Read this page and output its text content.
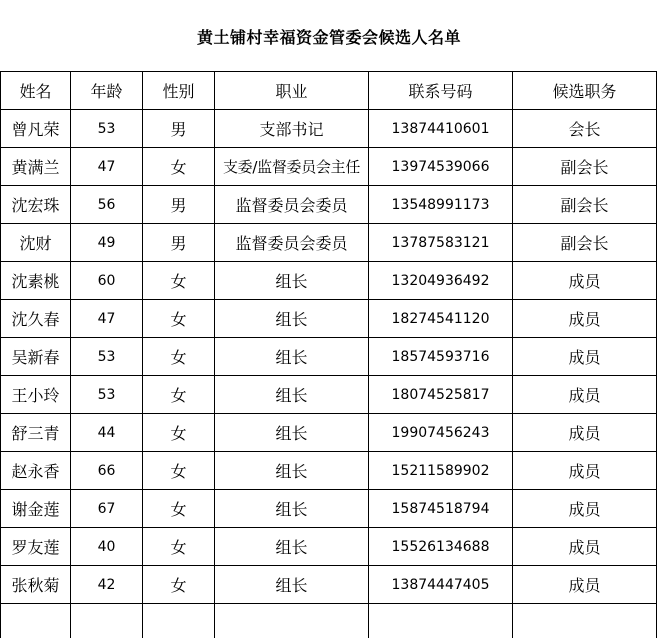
黄土铺村幸福资金管委会候选人名单
姓名	年龄	性别	职业	联系号码	候选职务
曾凡荣	53	男	支部书记	13874410601	会长
黄满兰	47	女	支委/监督委员会主任	13974539066	副会长
沈宏珠	56	男	监督委员会委员	13548991173	副会长
沈财	49	男	监督委员会委员	13787583121	副会长
沈素桃	60	女	组长	13204936492	成员
沈久春	47	女	组长	18274541120	成员
吴新春	53	女	组长	18574593716	成员
王小玲	53	女	组长	18074525817	成员
舒三青	44	女	组长	19907456243	成员
赵永香	66	女	组长	15211589902	成员
谢金莲	67	女	组长	15874518794	成员
罗友莲	40	女	组长	15526134688	成员
张秋菊	42	女	组长	13874447405	成员
